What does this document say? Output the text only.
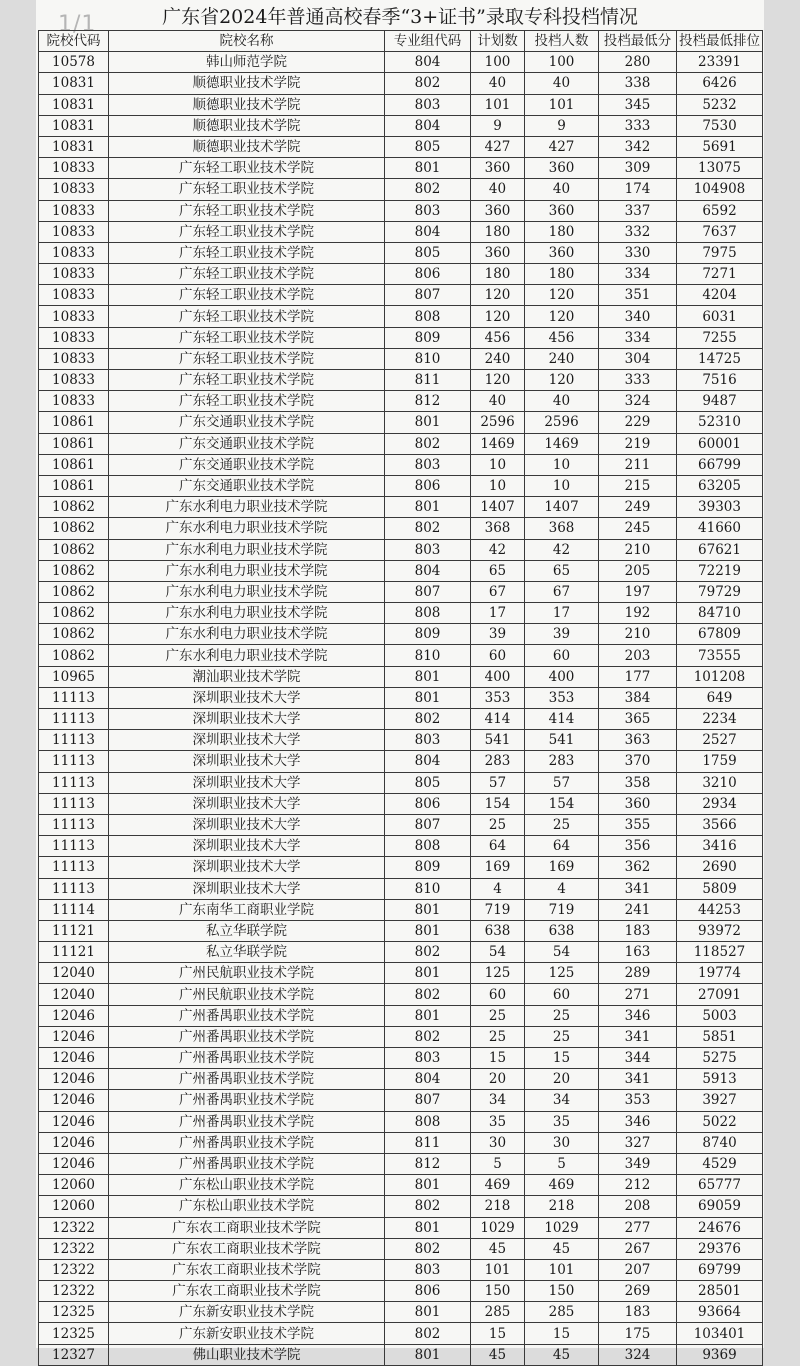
广东省2024年普通高校春季“3+证书”录取专科投档情况
1/1
院校代码	院校名称	专业组代码	计划数	投档人数	投档最低分	投档最低排位
10578	韩山师范学院	804	100	100	280	23391
10831	顺德职业技术学院	802	40	40	338	6426
10831	顺德职业技术学院	803	101	101	345	5232
10831	顺德职业技术学院	804	9	9	333	7530
10831	顺德职业技术学院	805	427	427	342	5691
10833	广东轻工职业技术学院	801	360	360	309	13075
10833	广东轻工职业技术学院	802	40	40	174	104908
10833	广东轻工职业技术学院	803	360	360	337	6592
10833	广东轻工职业技术学院	804	180	180	332	7637
10833	广东轻工职业技术学院	805	360	360	330	7975
10833	广东轻工职业技术学院	806	180	180	334	7271
10833	广东轻工职业技术学院	807	120	120	351	4204
10833	广东轻工职业技术学院	808	120	120	340	6031
10833	广东轻工职业技术学院	809	456	456	334	7255
10833	广东轻工职业技术学院	810	240	240	304	14725
10833	广东轻工职业技术学院	811	120	120	333	7516
10833	广东轻工职业技术学院	812	40	40	324	9487
10861	广东交通职业技术学院	801	2596	2596	229	52310
10861	广东交通职业技术学院	802	1469	1469	219	60001
10861	广东交通职业技术学院	803	10	10	211	66799
10861	广东交通职业技术学院	806	10	10	215	63205
10862	广东水利电力职业技术学院	801	1407	1407	249	39303
10862	广东水利电力职业技术学院	802	368	368	245	41660
10862	广东水利电力职业技术学院	803	42	42	210	67621
10862	广东水利电力职业技术学院	804	65	65	205	72219
10862	广东水利电力职业技术学院	807	67	67	197	79729
10862	广东水利电力职业技术学院	808	17	17	192	84710
10862	广东水利电力职业技术学院	809	39	39	210	67809
10862	广东水利电力职业技术学院	810	60	60	203	73555
10965	潮汕职业技术学院	801	400	400	177	101208
11113	深圳职业技术大学	801	353	353	384	649
11113	深圳职业技术大学	802	414	414	365	2234
11113	深圳职业技术大学	803	541	541	363	2527
11113	深圳职业技术大学	804	283	283	370	1759
11113	深圳职业技术大学	805	57	57	358	3210
11113	深圳职业技术大学	806	154	154	360	2934
11113	深圳职业技术大学	807	25	25	355	3566
11113	深圳职业技术大学	808	64	64	356	3416
11113	深圳职业技术大学	809	169	169	362	2690
11113	深圳职业技术大学	810	4	4	341	5809
11114	广东南华工商职业学院	801	719	719	241	44253
11121	私立华联学院	801	638	638	183	93972
11121	私立华联学院	802	54	54	163	118527
12040	广州民航职业技术学院	801	125	125	289	19774
12040	广州民航职业技术学院	802	60	60	271	27091
12046	广州番禺职业技术学院	801	25	25	346	5003
12046	广州番禺职业技术学院	802	25	25	341	5851
12046	广州番禺职业技术学院	803	15	15	344	5275
12046	广州番禺职业技术学院	804	20	20	341	5913
12046	广州番禺职业技术学院	807	34	34	353	3927
12046	广州番禺职业技术学院	808	35	35	346	5022
12046	广州番禺职业技术学院	811	30	30	327	8740
12046	广州番禺职业技术学院	812	5	5	349	4529
12060	广东松山职业技术学院	801	469	469	212	65777
12060	广东松山职业技术学院	802	218	218	208	69059
12322	广东农工商职业技术学院	801	1029	1029	277	24676
12322	广东农工商职业技术学院	802	45	45	267	29376
12322	广东农工商职业技术学院	803	101	101	207	69799
12322	广东农工商职业技术学院	806	150	150	269	28501
12325	广东新安职业技术学院	801	285	285	183	93664
12325	广东新安职业技术学院	802	15	15	175	103401
12327	佛山职业技术学院	801	45	45	324	9369
